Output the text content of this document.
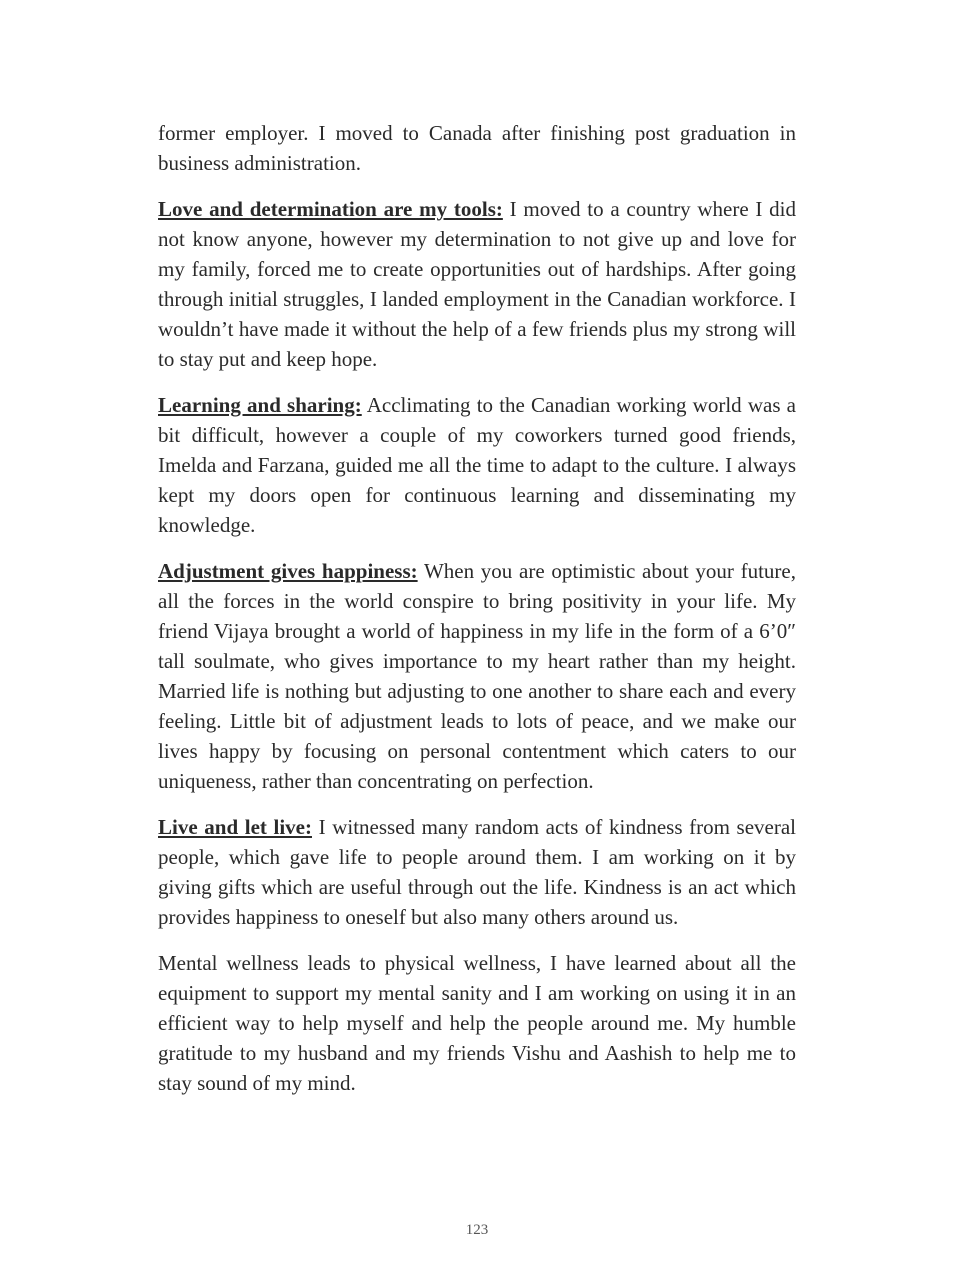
former employer. I moved to Canada after finishing post graduation in business administration.

Love and determination are my tools: I moved to a country where I did not know anyone, however my determination to not give up and love for my family, forced me to create opportunities out of hardships. After going through initial struggles, I landed employment in the Canadian workforce. I wouldn’t have made it without the help of a few friends plus my strong will to stay put and keep hope.

Learning and sharing: Acclimating to the Canadian working world was a bit difficult, however a couple of my coworkers turned good friends, Imelda and Farzana, guided me all the time to adapt to the culture. I always kept my doors open for continuous learning and disseminating my knowledge.

Adjustment gives happiness: When you are optimistic about your future, all the forces in the world conspire to bring positivity in your life. My friend Vijaya brought a world of happiness in my life in the form of a 6’0″ tall soulmate, who gives importance to my heart rather than my height. Married life is nothing but adjusting to one another to share each and every feeling. Little bit of adjustment leads to lots of peace, and we make our lives happy by focusing on personal contentment which caters to our uniqueness, rather than concentrating on perfection.

Live and let live: I witnessed many random acts of kindness from several people, which gave life to people around them. I am working on it by giving gifts which are useful through out the life. Kindness is an act which provides happiness to oneself but also many others around us.

Mental wellness leads to physical wellness, I have learned about all the equipment to support my mental sanity and I am working on using it in an efficient way to help myself and help the people around me. My humble gratitude to my husband and my friends Vishu and Aashish to help me to stay sound of my mind.

123
